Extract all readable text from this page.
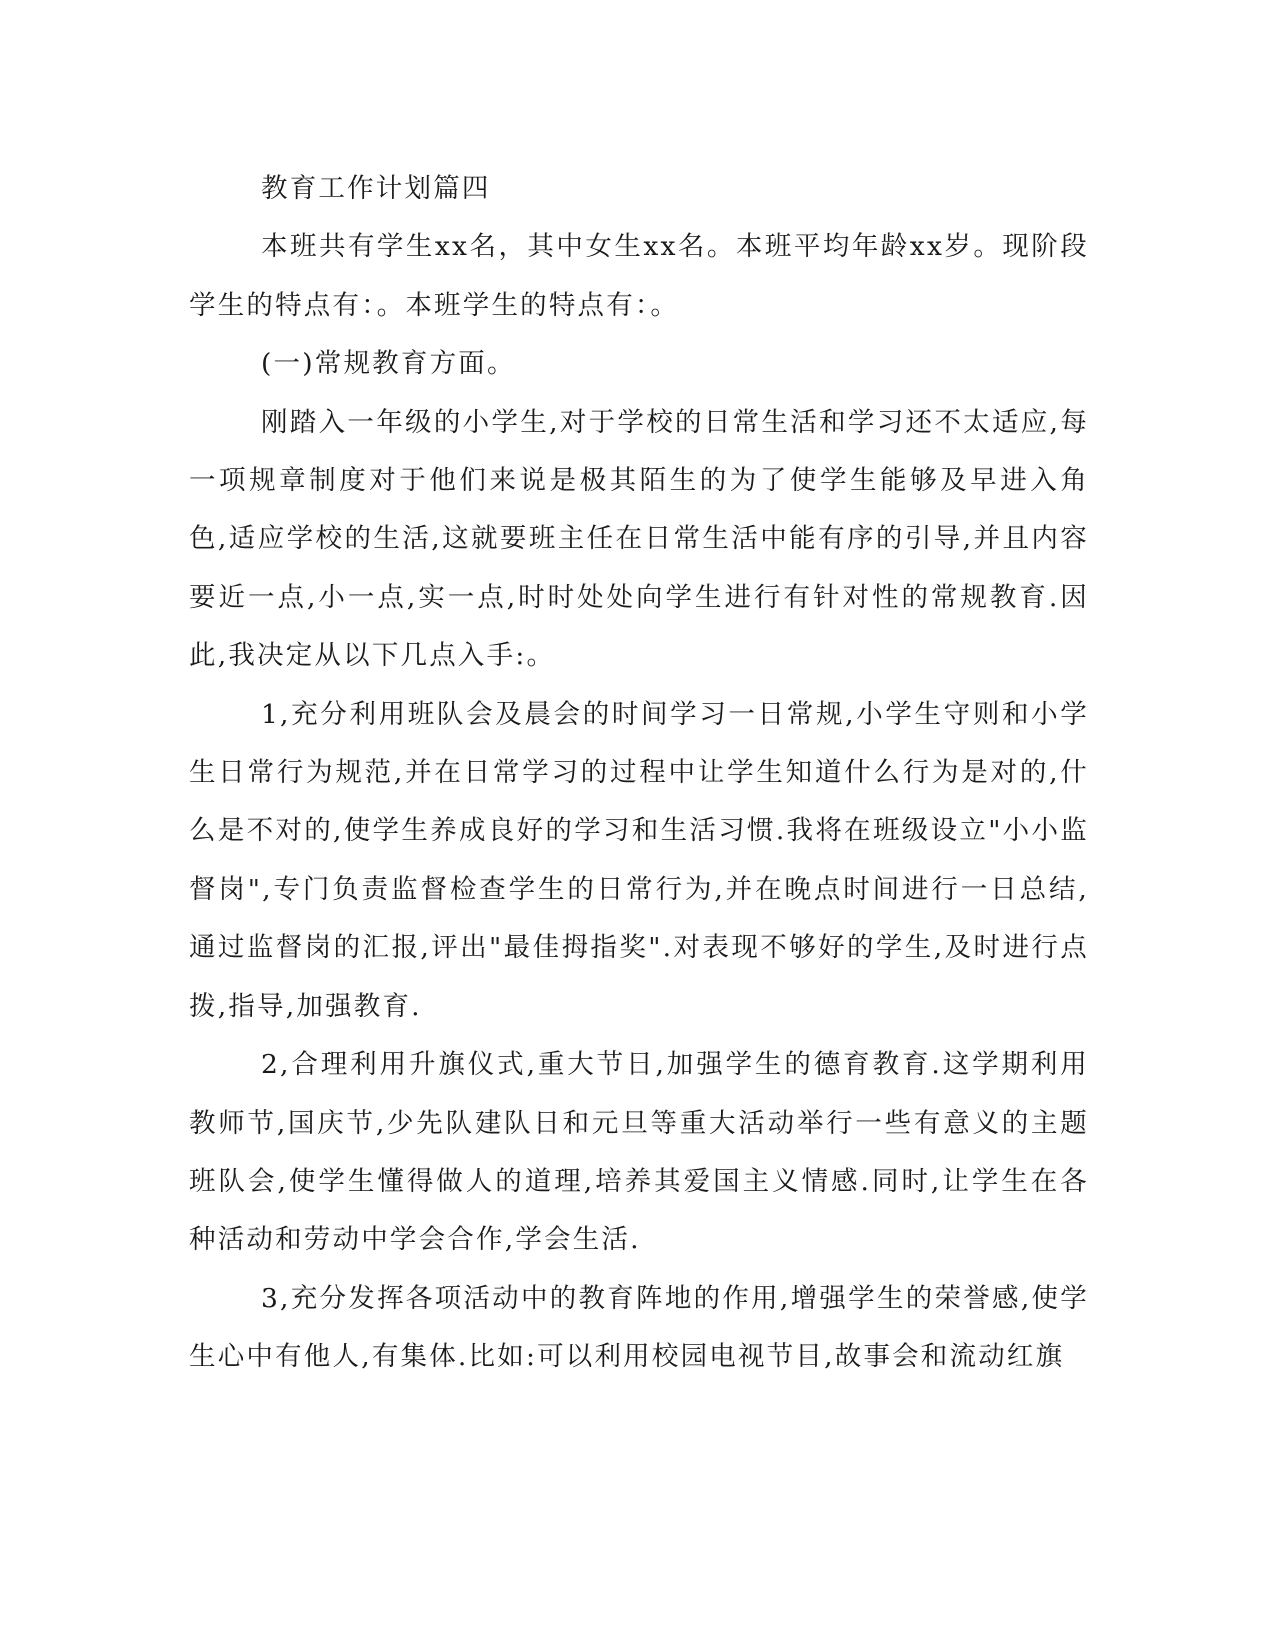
教育工作计划篇四

本班共有学生xx名，其中女生xx名。本班平均年龄xx岁。现阶段学生的特点有：。本班学生的特点有：。

(一)常规教育方面。

刚踏入一年级的小学生,对于学校的日常生活和学习还不太适应,每一项规章制度对于他们来说是极其陌生的为了使学生能够及早进入角色,适应学校的生活,这就要班主任在日常生活中能有序的引导,并且内容要近一点,小一点,实一点,时时处处向学生进行有针对性的常规教育.因此,我决定从以下几点入手:。

1,充分利用班队会及晨会的时间学习一日常规,小学生守则和小学生日常行为规范,并在日常学习的过程中让学生知道什么行为是对的,什么是不对的,使学生养成良好的学习和生活习惯.我将在班级设立"小小监督岗",专门负责监督检查学生的日常行为,并在晚点时间进行一日总结,通过监督岗的汇报,评出"最佳拇指奖".对表现不够好的学生,及时进行点拨,指导,加强教育.

2,合理利用升旗仪式,重大节日,加强学生的德育教育.这学期利用教师节,国庆节,少先队建队日和元旦等重大活动举行一些有意义的主题班队会,使学生懂得做人的道理,培养其爱国主义情感.同时,让学生在各种活动和劳动中学会合作,学会生活.

3,充分发挥各项活动中的教育阵地的作用,增强学生的荣誉感,使学生心中有他人,有集体.比如:可以利用校园电视节目,故事会和流动红旗
